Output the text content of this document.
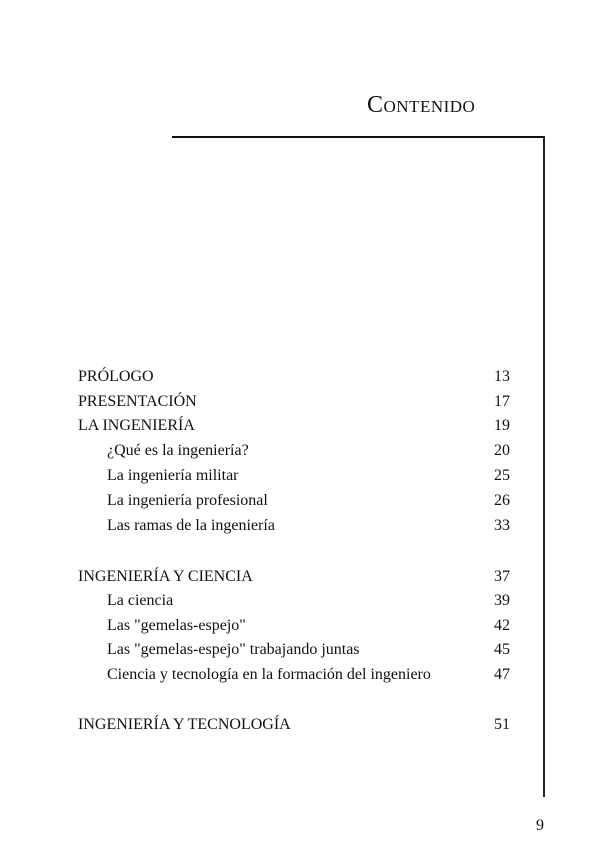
Contenido
PRÓLOGO	13
PRESENTACIÓN	17
LA INGENIERÍA	19
¿Qué es la ingeniería?	20
La ingeniería militar	25
La ingeniería profesional	26
Las ramas de la ingeniería	33
INGENIERÍA Y CIENCIA	37
La ciencia	39
Las "gemelas-espejo"	42
Las "gemelas-espejo" trabajando juntas	45
Ciencia y tecnología en la formación del ingeniero	47
INGENIERÍA Y TECNOLOGÍA	51
9
